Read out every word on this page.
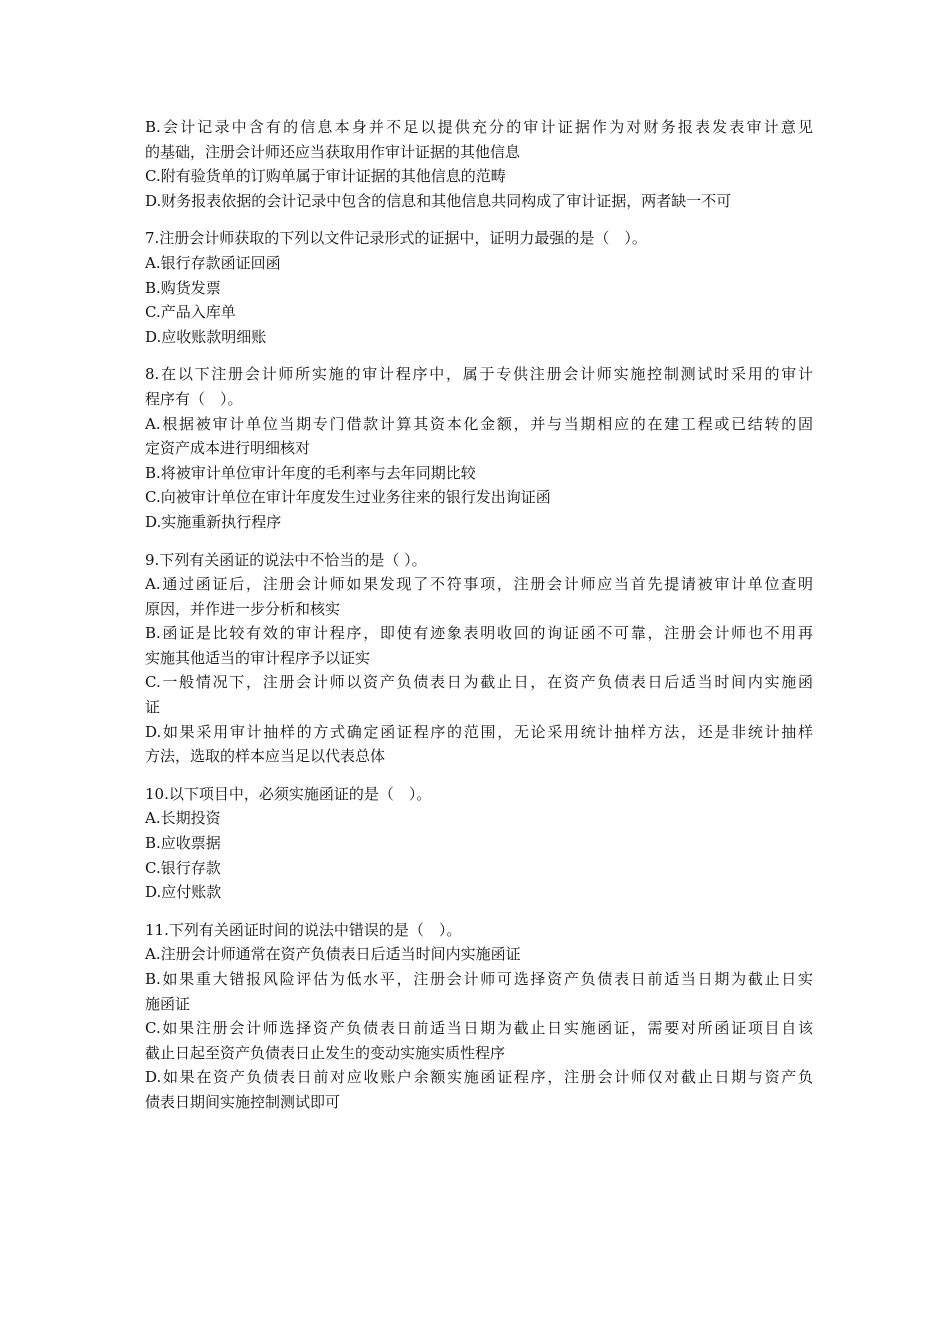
B.会计记录中含有的信息本身并不足以提供充分的审计证据作为对财务报表发表审计意见
的基础，注册会计师还应当获取用作审计证据的其他信息
C.附有验货单的订购单属于审计证据的其他信息的范畴
D.财务报表依据的会计记录中包含的信息和其他信息共同构成了审计证据，两者缺一不可
7.注册会计师获取的下列以文件记录形式的证据中，证明力最强的是（　）。
A.银行存款函证回函
B.购货发票
C.产品入库单
D.应收账款明细账
8.在以下注册会计师所实施的审计程序中，属于专供注册会计师实施控制测试时采用的审计
程序有（　）。
A.根据被审计单位当期专门借款计算其资本化金额，并与当期相应的在建工程或已结转的固
定资产成本进行明细核对
B.将被审计单位审计年度的毛利率与去年同期比较
C.向被审计单位在审计年度发生过业务往来的银行发出询证函
D.实施重新执行程序
9.下列有关函证的说法中不恰当的是（ ）。
A.通过函证后，注册会计师如果发现了不符事项，注册会计师应当首先提请被审计单位查明
原因，并作进一步分析和核实
B.函证是比较有效的审计程序，即使有迹象表明收回的询证函不可靠，注册会计师也不用再
实施其他适当的审计程序予以证实
C.一般情况下，注册会计师以资产负债表日为截止日，在资产负债表日后适当时间内实施函
证
D.如果采用审计抽样的方式确定函证程序的范围，无论采用统计抽样方法，还是非统计抽样
方法，选取的样本应当足以代表总体
10.以下项目中，必须实施函证的是（　）。
A.长期投资
B.应收票据
C.银行存款
D.应付账款
11.下列有关函证时间的说法中错误的是（　）。
A.注册会计师通常在资产负债表日后适当时间内实施函证
B.如果重大错报风险评估为低水平，注册会计师可选择资产负债表日前适当日期为截止日实
施函证
C.如果注册会计师选择资产负债表日前适当日期为截止日实施函证，需要对所函证项目自该
截止日起至资产负债表日止发生的变动实施实质性程序
D.如果在资产负债表日前对应收账户余额实施函证程序，注册会计师仅对截止日期与资产负
债表日期间实施控制测试即可
